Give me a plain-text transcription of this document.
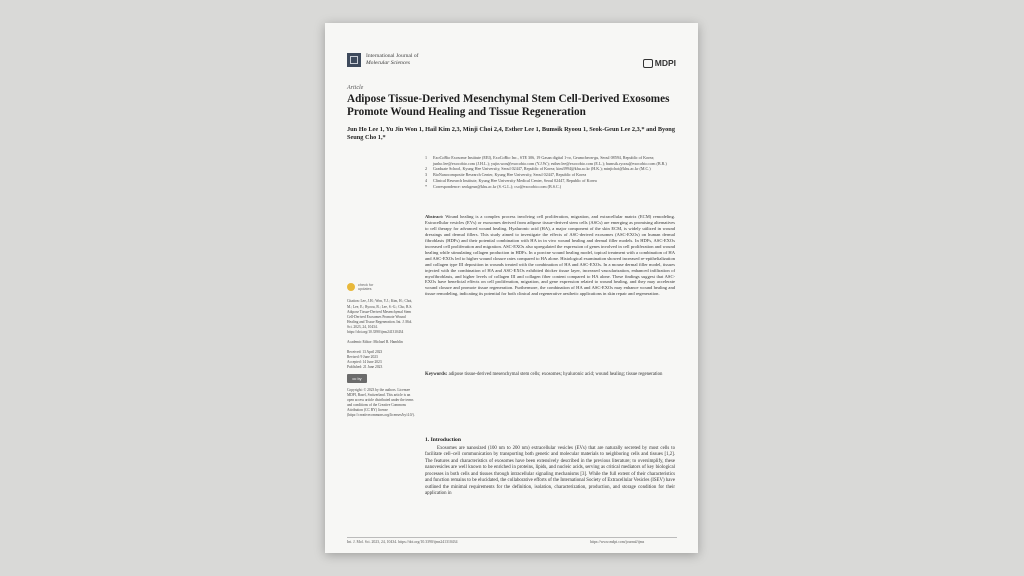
International Journal of
Molecular Sciences	MDPI
Article
Adipose Tissue-Derived Mesenchymal Stem Cell-Derived Exosomes Promote Wound Healing and Tissue Regeneration
Jun Ho Lee 1, Yu Jin Won 1, Hail Kim 2,3, Minji Choi 2,4, Esther Lee 1, Bumsik Ryoou 1, Seok-Geun Lee 2,3,* and Byong Seung Cho 1,*
1 ExoCoBio Exosome Institute (EEI), ExoCoBio Inc., STE 306, 19 Gasan digital 1-ro, Geumcheon-gu, Seoul 08594, Republic of Korea; junho.lee@exocobio.com (J.H.L.); yujin.won@exocobio.com (Y.J.W.); esther.lee@exocobio.com (E.L.); bumsik.ryoou@exocobio.com (B.R.)
2 Graduate School, Kyung Hee University, Seoul 02447, Republic of Korea; kim3994@khu.ac.kr (H.K.); minjichoi@khu.ac.kr (M.C.)
3 BioNanocomposite Research Center, Kyung Hee University, Seoul 02447, Republic of Korea
4 Clinical Research Institute, Kyung Hee University Medical Center, Seoul 02447, Republic of Korea
* Correspondence: seokgeun@khu.ac.kr (S.-G.L.); cso@exocobio.com (B.S.C.)
Abstract: Wound healing is a complex process involving cell proliferation, migration, and extracellular matrix (ECM) remodeling. Extracellular vesicles (EVs) or exosomes derived from adipose tissue-derived stem cells (ASCs) are emerging as promising alternatives to cell therapy for advanced wound healing. Hyaluronic acid (HA), a major component of the skin ECM, is widely utilized in wound dressings and dermal fillers. This study aimed to investigate the effects of ASC-derived exosomes (ASC-EXOs) on human dermal fibroblasts (HDFs) and their potential combination with HA in in vivo wound healing and dermal filler models. In HDFs, ASC-EXOs increased cell proliferation and migration. ASC-EXOs also upregulated the expression of genes involved in cell proliferation and wound healing while stimulating collagen production in HDFs. In a porcine wound healing model, topical treatment with a combination of HA and ASC-EXOs led to higher wound closure rates compared to HA alone. Histological examination showed increased re-epithelialization and collagen type III deposition in wounds treated with the combination of HA and ASC-EXOs. In a mouse dermal filler model, tissues injected with the combination of HA and ASC-EXOs exhibited thicker tissue layer, increased vascularization, enhanced infiltration of myofibroblasts, and higher levels of collagen III and collagen fiber content compared to HA alone. These findings suggest that ASC-EXOs have beneficial effects on cell proliferation, migration, and gene expression related to wound healing, and they may accelerate wound closure and promote tissue regeneration. Furthermore, the combination of HA and ASC-EXOs may enhance wound healing and tissue remodeling, indicating its potential for both clinical and regenerative aesthetic applications in skin repair and regeneration.
Keywords: adipose tissue-derived mesenchymal stem cells; exosomes; hyaluronic acid; wound healing; tissue regeneration
check for
updates
Citation: Lee, J.H.; Won, Y.J.; Kim, H.; Choi, M.; Lee, E.; Ryoou, B.; Lee, S.-G.; Cho, B.S. Adipose Tissue-Derived Mesenchymal Stem Cell-Derived Exosomes Promote Wound Healing and Tissue Regeneration. Int. J. Mol. Sci. 2023, 24, 10434. https://doi.org/10.3390/ijms241310434
Academic Editor: Michael R. Hamblin
Received: 13 April 2023
Revised: 9 June 2023
Accepted: 14 June 2023
Published: 21 June 2023
cc by
Copyright: © 2023 by the authors. Licensee MDPI, Basel, Switzerland. This article is an open access article distributed under the terms and conditions of the Creative Commons Attribution (CC BY) license (https://creativecommons.org/licenses/by/4.0/).
1. Introduction
Exosomes are nanosized (100 nm to 200 nm) extracellular vesicles (EVs) that are naturally secreted by most cells to facilitate cell–cell communication by transporting both genetic and molecular materials to neighboring cells and tissues [1,2]. The features and characteristics of exosomes have been extensively described in the previous literature; to oversimplify, these nanovesicles are well known to be enriched in proteins, lipids, and nucleic acids, serving as critical mediators of key biological processes in both cells and tissues through intracellular signaling mechanisms [3]. While the full extent of their characteristics and function remains to be elucidated, the collaborative efforts of the International Society of Extracellular Vesicles (ISEV) have outlined the minimal requirements for the definition, isolation, characterization, production, and storage condition for their application in
Int. J. Mol. Sci. 2023, 24, 10434. https://doi.org/10.3390/ijms241310434	https://www.mdpi.com/journal/ijms
